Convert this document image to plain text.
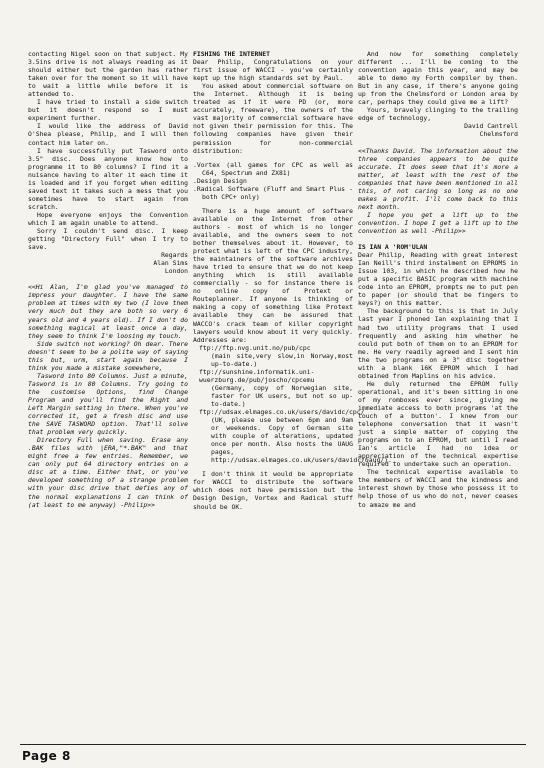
contacting Nigel soon on that subject. My 3.5ins drive is not always reading as it should either but the garden has rather taken over for the moment so it will have to wait a little while before it is attended to.

I have tried to install a side switch but it doesn't respond so I must experiment further.

I would like the address of David O'Shea please, Philip, and I will then contact him later on.

I have successfully put Tasword onto 3.5" disc. Does anyone know how to programme it to 80 columns? I find it a nuisance having to alter it each time it is loaded and if you forget when editing saved text it takes such a mess that you sometimes have to start again from scratch.

Hope everyone enjoys the Convention which I am again unable to attend.

Sorry I couldn't send disc. I keep getting "Directory Full" when I try to save.

Regards

Alan Sims

London

<<Hi Alan, I'm glad you've managed to impress your daughter. I have the same problem at times with my two (I love them very much but they are both so very 6 years old and 4 years old). If I don't do something magical at least once a day, they seem to think I'm loosing my touch.

Side switch not working? Oh dear. There doesn't seem to be a polite way of saying this but, urm, start again because I think you made a mistake somewhere,

Tasword into 80 Columns. Just a minute, Tasword is in 80 Columns. Try going to the customise Options, find Change Program and you'll find the Right and Left Margin setting in there. When you've corrected it, get a fresh disc and use the SAVE TASWORD option. That'll solve that problem very quickly.

Directory Full when saving. Erase any .BAK files with |ERA,"*.BAK" and that might free a few entries. Remember, we can only put 64 directory entries on a disc at a time. Either that, or you've developed something of a strange problem with your disc drive that defies any of the normal explanations I can think of (at least to me anyway) -Philip>>

FISHING THE INTERNET

Dear Philip, Congratulations on your first issue of WACCI - you've certainly kept up the high standards set by Paul.

You asked about commercial software on the Internet. Although it is being treated as if it were PD (or, more accurately, freeware), the owners of the vast majority of commercial software have not given their permission for this. The following companies have given their permission for non-commercial distribution:

.Vortex (all games for CPC as well as C64, Spectrum and ZX81)

.Design Design

.Radical Software (Fluff and Smart Plus - both CPC+ only)

There is a huge amount of software available on the Internet from other authors - most of which is no longer available, and the owners seem to not bother themselves about it. However, to protect what is left of the CPC industry, the maintainers of the software archives have tried to ensure that we do not keep anything which is still available commercially - so for instance there is no online copy of Protext or Routeplanner. If anyone is thinking of making a copy of something like Protext available they can be assured that WACCO's crack team of killer copyright lawyers would know about it very quickly. Addresses are:

ftp://ftp.nvg.unit.no/pub/cpc

(main site,very slow,in Norway,most up-to-date.)

ftp://sunshine.informatik.uni-wuerzburg.de/pub/joscho/cpcemu

(Germany, copy of Norwegian site, faster for UK users, but not so up-to-date.)

ftp://udsax.elmages.co.uk/users/davidc/cpc/

(UK, please use between 6pm and 9am or weekends. Copy of German site with couple of alterations, updated once per month. Also hosts the UAUG pages,

http://udsax.elmages.co.uk/users/davidc/uaug/).

I don't think it would be appropriate for WACCI to distribute the software which does not have permission but the Design Design, Vortex and Radical stuff should be OK.

And now for something completely different ... I'll be coming to the convention again this year, and may be able to demo my Forth compiler by then. But in any case, if there's anyone going up from the Chelmsford or London area by car, perhaps they could give me a lift?

Yours, bravely clinging to the trailing edge of technology,

David Cantrell

Chelmsford

<<Thanks David. The information about the three companies appears to be quite accurate. It does seem that it's more a matter, at least with the rest of the companies that have been mentioned in all this, of not caring so long as no one makes a profit. I'll come back to this next month.

I hope you get a lift up to the convention. I hope I get a lift up to the convention as well -Philip>>

IS IAN A 'ROM'ULAN

Dear Philip, Reading with great interest Ian Neill's third instalment on EPROMS in Issue 103, in which he described how he put a specific BASIC program with machine code into an EPROM, prompts me to put pen to paper (or should that be fingers to keys?) on this matter.

The background to this is that in July last year I phoned Ian explaining that I had two utility programs that I used frequently and asking him whether he could put both of them on to an EPROM for me. He very readily agreed and I sent him the two programs on a 3" disc together with a blank 16K EPROM which I had obtained from Maplins on his advice.

He duly returned the EPROM fully operational, and it's been sitting in one of my romboxes ever since, giving me immediate access to both programs 'at the touch of a button'. I knew from our telephone conversation that it wasn't just a simple matter of copying the programs on to an EPROM, but until I read Ian's article I had no idea or appreciation of the technical expertise required to undertake such an operation.

The technical expertise available to the members of WACCI and the kindness and interest shown by those who possess it to help those of us who do not, never ceases to amaze me and

Page 8
